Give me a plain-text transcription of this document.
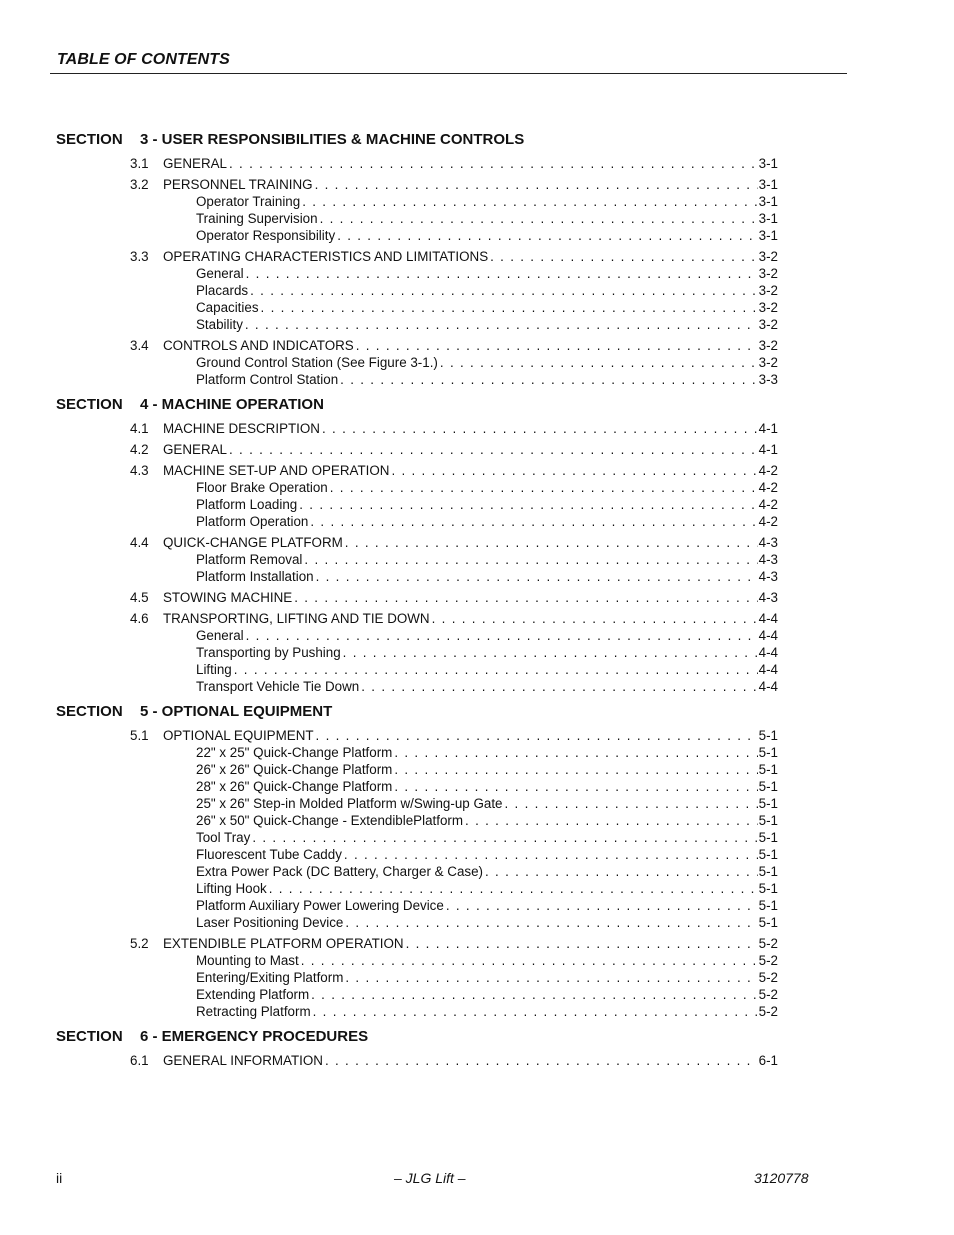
TABLE OF CONTENTS
SECTION 3 - USER RESPONSIBILITIES & MACHINE CONTROLS
3.1 GENERAL . . .	3-1
3.2 PERSONNEL TRAINING . . .	3-1
Operator Training . . .	3-1
Training Supervision . . .	3-1
Operator Responsibility . . .	3-1
3.3 OPERATING CHARACTERISTICS AND LIMITATIONS . . .	3-2
General . . .	3-2
Placards . . .	3-2
Capacities . . .	3-2
Stability . . .	3-2
3.4 CONTROLS AND INDICATORS . . .	3-2
Ground Control Station (See Figure 3-1.) . . .	3-2
Platform Control Station . . .	3-3
SECTION 4 - MACHINE OPERATION
4.1 MACHINE DESCRIPTION . . .	4-1
4.2 GENERAL . . .	4-1
4.3 MACHINE SET-UP AND OPERATION . . .	4-2
Floor Brake Operation . . .	4-2
Platform Loading . . .	4-2
Platform Operation . . .	4-2
4.4 QUICK-CHANGE PLATFORM . . .	4-3
Platform Removal . . .	4-3
Platform Installation . . .	4-3
4.5 STOWING MACHINE . . .	4-3
4.6 TRANSPORTING, LIFTING AND TIE DOWN . . .	4-4
General . . .	4-4
Transporting by Pushing . . .	4-4
Lifting . . .	4-4
Transport Vehicle Tie Down . . .	4-4
SECTION 5 - OPTIONAL EQUIPMENT
5.1 OPTIONAL EQUIPMENT . . .	5-1
22" x 25" Quick-Change Platform . . .	5-1
26" x 26" Quick-Change Platform . . .	5-1
28" x 26" Quick-Change Platform . . .	5-1
25" x 26" Step-in Molded Platform w/Swing-up Gate . . .	5-1
26" x 50" Quick-Change - ExtendiblePlatform . . .	5-1
Tool Tray . . .	5-1
Fluorescent Tube Caddy . . .	5-1
Extra Power Pack (DC Battery, Charger & Case) . . .	5-1
Lifting Hook . . .	5-1
Platform Auxiliary Power Lowering Device . . .	5-1
Laser Positioning Device . . .	5-1
5.2 EXTENDIBLE PLATFORM OPERATION . . .	5-2
Mounting to Mast . . .	5-2
Entering/Exiting Platform . . .	5-2
Extending Platform . . .	5-2
Retracting Platform . . .	5-2
SECTION 6 - EMERGENCY PROCEDURES
6.1 GENERAL INFORMATION . . .	6-1
ii	– JLG Lift –	3120778
